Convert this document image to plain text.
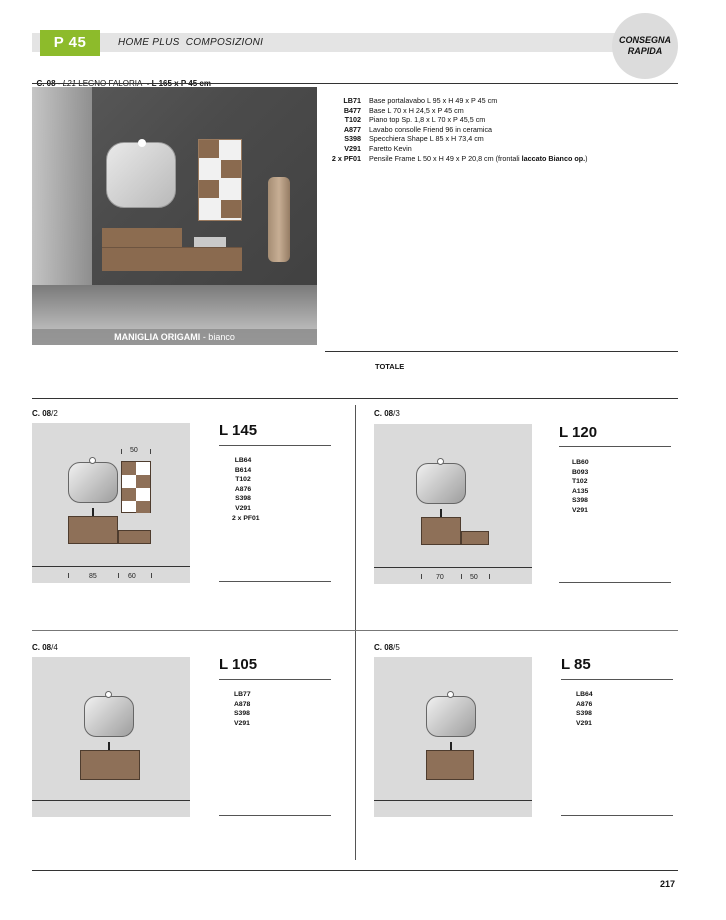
P 45	HOME PLUS  COMPOSIZIONI	CONSEGNA
RAPIDA

MANIGLIA ORIGAMI - bianco
LB71	Base portalavabo L 95 x H 49 x P 45 cm
B477	Base L 70 x H 24,5 x P 45 cm
T102	Piano top Sp. 1,8 x L 70 x P 45,5 cm
A877	Lavabo consolle Friend 96 in ceramica
S398	Specchiera Shape L 85 x H 73,4 cm
V291	Faretto Kevin
2 x PF01	Pensile Frame L 50 x H 49 x P 20,8 cm (frontali laccato Bianco op.)
TOTALE
C. 08/2
50
85	60
L 145
LB64
B614
T102
A876
S398
V291
2 x PF01
C. 08/3
70	50
L 120
LB60
B093
T102
A135
S398
V291
C. 08/4
L 105
LB77
A878
S398
V291
C. 08/5
L 85
LB64
A876
S398
V291
217
